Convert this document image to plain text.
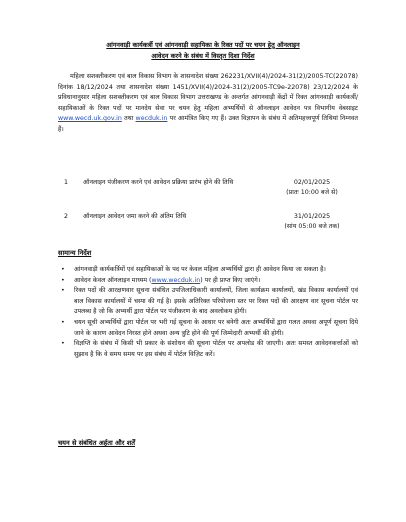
आंगनवाड़ी कार्यकर्त्री एवं आंगनवाड़ी सहायिका के रिक्त पदों पर चयन हेतु ऑनलाइन
आवेदन करने के संबंध में विस्तृत दिशा निर्देश
महिला सशक्तीकरण एवं बाल विकास विभाग के शासनादेश संख्या 262231/XVII(4)/2024-31(2)/2005-TC(22078) दिनांक 18/12/2024 तथा शासनादेश संख्या 1451/XVII(4)/2024-31(2)/2005-TC9e-22078) 23/12/2024 के प्रविधानानुसार महिला सशक्तीकरण एवं बाल विकास विभाग उत्तराखण्ड के अन्तर्गत आंगनवाड़ी केंद्रों में रिक्त आंगनवाड़ी कार्यकर्त्री/सहायिकाओं के रिक्त पदों पर मानदेय सेवा पर चयन हेतु महिला अभ्यर्थियों से ऑनलाइन आवेदन पत्र विभागीय वेबसाइट www.wecd.uk.gov.in तथा wecduk.in पर आमंत्रित किए गए हैं। उक्त विज्ञापन के संबंध में अतिमहत्त्वपूर्ण तिथियां निम्नवत हैं।
1 ऑनलाइन पंजीकरण करने एवं आवेदन प्रक्रिया प्रारंभ होने की तिथि	02/01/2025
(प्रातः 10:00 बजे से)
2 ऑनलाइन आवेदन जमा करने की अंतिम तिथि	31/01/2025
(सांय 05:00 बजे तक)
सामान्य निर्देश
• आंगनवाड़ी कार्यकर्त्रियों एवं सहायिकाओं के पद पर केवल महिला अभ्यर्थियों द्वारा ही आवेदन किया जा सकता है।
• आवेदन केवल ऑनलाइन माध्यम (www.wecduk.in) पर ही प्राप्त किए जाएंगे।
• रिक्त पदों की आरक्षणवार सूचना संबंधित उपजिलाधिकारी कार्यालयों, जिला कार्यक्रम कार्यालयों, खंड विकास कार्यालयों एवं बाल विकास कार्यालयों में चस्पा की गई है। इसके अतिरिक्त परियोजना स्तर पर रिक्त पदों की आरक्षण वार सूचना पोर्टल पर उपलब्ध है जो कि अभ्यर्थी द्वारा पोर्टल पर पंजीकरण के बाद अवलोकय होगी।
• चयन सूची अभ्यर्थियों द्वारा पोर्टल पर भरी गई सूचना के आधार पर बनेगी अतः अभ्यर्थियों द्वारा गलत अथवा अपूर्ण सूचना दिये जाने के कारण आवेदन निरस्त होने अथवा अन्य त्रुटि होने की पूर्ण जिम्मेदारी अभ्यर्थी की होगी।
• विज्ञप्ति के संबंध में किसी भी प्रकार के संशोधन की सूचना पोर्टल पर अपलोड की जाएगी। अतः समस्त आवेदनकर्त्ताओं को सुझाव है कि वे समय समय पर इस संबंध में पोर्टल विज़िट करें।
चयन से संबंधित अर्हता और शर्तें
